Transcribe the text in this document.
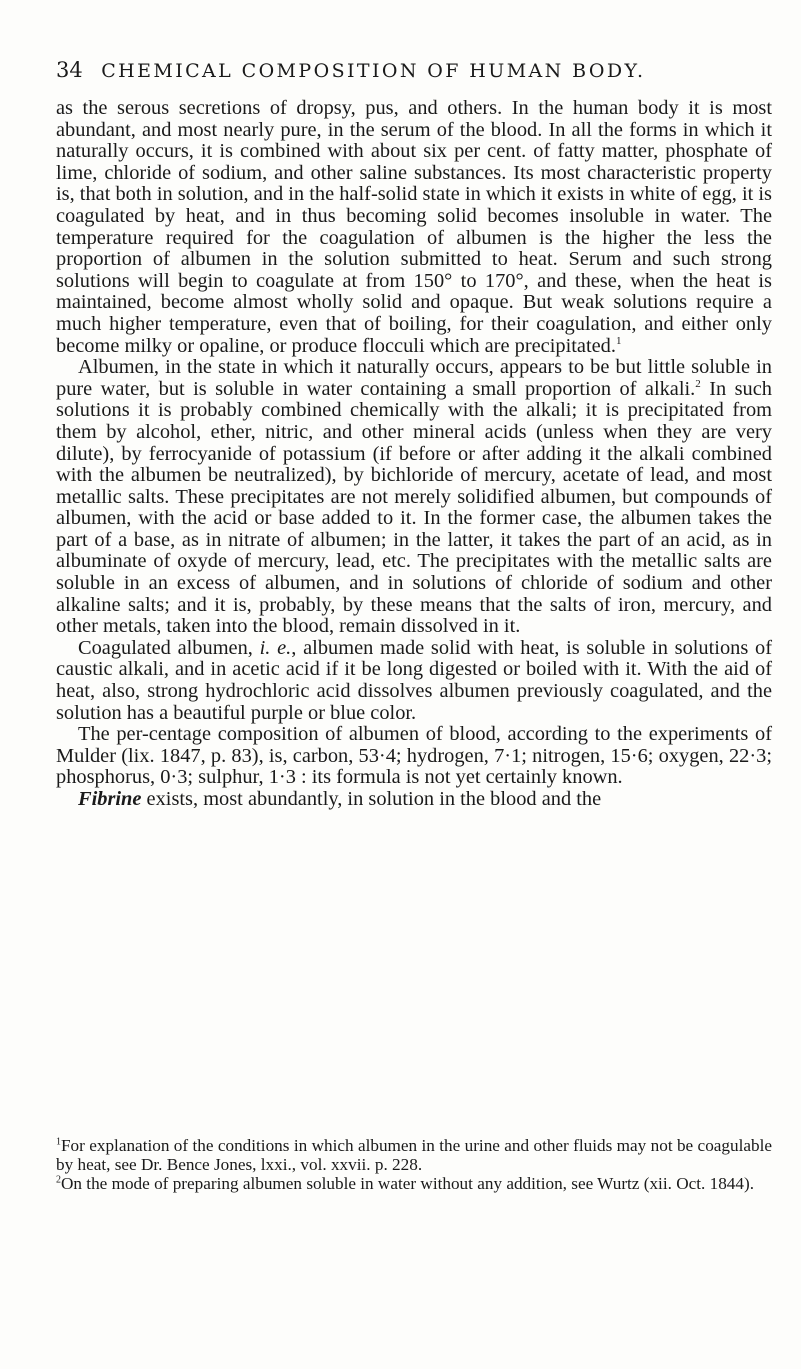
34 CHEMICAL COMPOSITION OF HUMAN BODY.

as the serous secretions of dropsy, pus, and others. In the human body it is most abundant, and most nearly pure, in the serum of the blood. In all the forms in which it naturally occurs, it is combined with about six per cent. of fatty matter, phosphate of lime, chloride of sodium, and other saline substances. Its most characteristic property is, that both in solution, and in the half-solid state in which it exists in white of egg, it is coagulated by heat, and in thus becoming solid becomes insoluble in water. The temperature required for the coagulation of albumen is the higher the less the proportion of albumen in the solution submitted to heat. Serum and such strong solutions will begin to coagulate at from 150° to 170°, and these, when the heat is maintained, become almost wholly solid and opaque. But weak solutions require a much higher temperature, even that of boiling, for their coagulation, and either only become milky or opaline, or produce flocculi which are precipitated.$^1$

Albumen, in the state in which it naturally occurs, appears to be but little soluble in pure water, but is soluble in water containing a small proportion of alkali.$^2$ In such solutions it is probably combined chemically with the alkali; it is precipitated from them by alcohol, ether, nitric, and other mineral acids (unless when they are very dilute), by ferrocyanide of potassium (if before or after adding it the alkali combined with the albumen be neutralized), by bichloride of mercury, acetate of lead, and most metallic salts. These precipitates are not merely solidified albumen, but compounds of albumen, with the acid or base added to it. In the former case, the albumen takes the part of a base, as in nitrate of albumen; in the latter, it takes the part of an acid, as in albuminate of oxyde of mercury, lead, etc. The precipitates with the metallic salts are soluble in an excess of albumen, and in solutions of chloride of sodium and other alkaline salts; and it is, probably, by these means that the salts of iron, mercury, and other metals, taken into the blood, remain dissolved in it.

Coagulated albumen, i. e., albumen made solid with heat, is soluble in solutions of caustic alkali, and in acetic acid if it be long digested or boiled with it. With the aid of heat, also, strong hydrochloric acid dissolves albumen previously coagulated, and the solution has a beautiful purple or blue color.

The per-centage composition of albumen of blood, according to the experiments of Mulder (lix. 1847, p. 83), is, carbon, 53·4; hydrogen, 7·1; nitrogen, 15·6; oxygen, 22·3; phosphorus, 0·3; sulphur, 1·3 : its formula is not yet certainly known.

Fibrine exists, most abundantly, in solution in the blood and the

$^1$For explanation of the conditions in which albumen in the urine and other fluids may not be coagulable by heat, see Dr. Bence Jones, lxxi., vol. xxvii. p. 228.

$^2$On the mode of preparing albumen soluble in water without any addition, see Wurtz (xii. Oct. 1844).
